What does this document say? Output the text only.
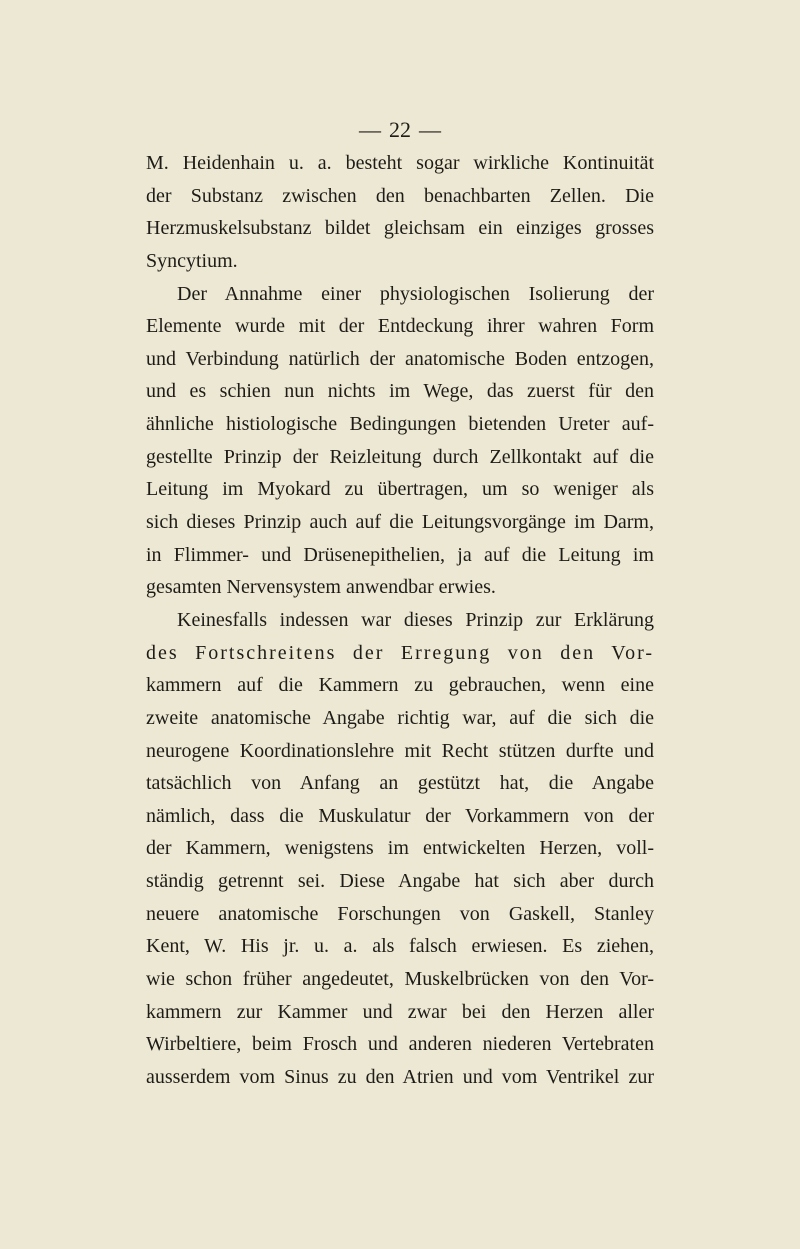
— 22 —
M. Heidenhain u. a. besteht sogar wirkliche Kontinuität
der Substanz zwischen den benachbarten Zellen. Die
Herzmuskelsubstanz bildet gleichsam ein einziges grosses
Syncytium.
Der Annahme einer physiologischen Isolierung der
Elemente wurde mit der Entdeckung ihrer wahren Form
und Verbindung natürlich der anatomische Boden entzogen,
und es schien nun nichts im Wege, das zuerst für den
ähnliche histiologische Bedingungen bietenden Ureter auf-
gestellte Prinzip der Reizleitung durch Zellkontakt auf die
Leitung im Myokard zu übertragen, um so weniger als
sich dieses Prinzip auch auf die Leitungsvorgänge im Darm,
in Flimmer- und Drüsenepithelien, ja auf die Leitung im
gesamten Nervensystem anwendbar erwies.
Keinesfalls indessen war dieses Prinzip zur Erklärung
des Fortschreitens der Erregung von den Vor-
kammern auf die Kammern zu gebrauchen, wenn eine
zweite anatomische Angabe richtig war, auf die sich die
neurogene Koordinationslehre mit Recht stützen durfte und
tatsächlich von Anfang an gestützt hat, die Angabe
nämlich, dass die Muskulatur der Vorkammern von der
der Kammern, wenigstens im entwickelten Herzen, voll-
ständig getrennt sei. Diese Angabe hat sich aber durch
neuere anatomische Forschungen von Gaskell, Stanley
Kent, W. His jr. u. a. als falsch erwiesen. Es ziehen,
wie schon früher angedeutet, Muskelbrücken von den Vor-
kammern zur Kammer und zwar bei den Herzen aller
Wirbeltiere, beim Frosch und anderen niederen Vertebraten
ausserdem vom Sinus zu den Atrien und vom Ventrikel zur
